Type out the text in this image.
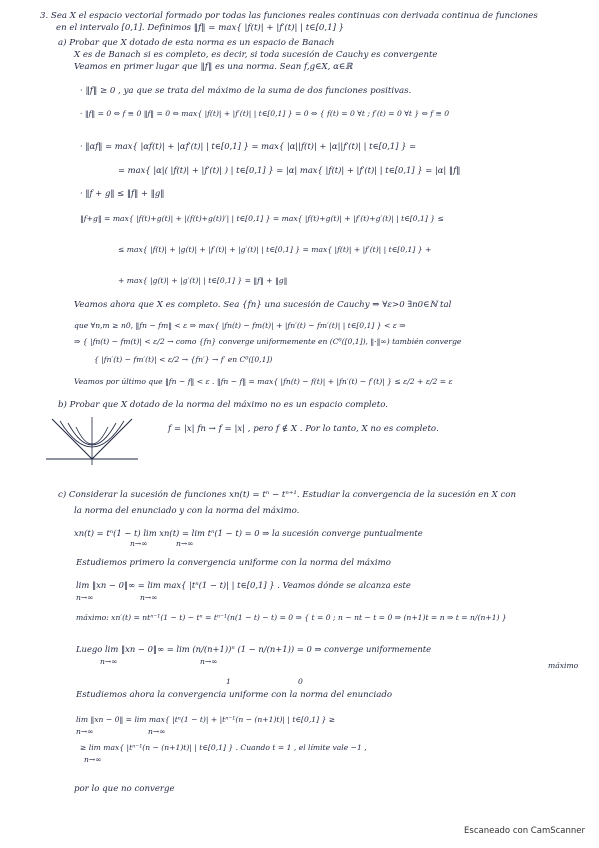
3. Sea X el espacio vectorial formado por todas las funciones reales continuas con derivada continua de funciones
en el intervalo [0,1]. Definimos ‖f‖ = max{ |f(t)| + |f′(t)| | t∈[0,1] }
a) Probar que X dotado de esta norma es un espacio de Banach
X es de Banach si es completo, es decir, si toda sucesión de Cauchy es convergente
Veamos en primer lugar que ‖f‖ es una norma. Sean f,g∈X, α∈ℝ
· ‖f‖ ≥ 0 , ya que se trata del máximo de la suma de dos funciones positivas.
· ‖f‖ = 0 ⇔ f ≡ 0 ‖f‖ = 0 ⇔ max{ |f(t)| + |f′(t)| | t∈[0,1] } = 0 ⇔ { f(t) = 0 ∀t ; f′(t) = 0 ∀t } ⇔ f ≡ 0
· ‖αf‖ = max{ |αf(t)| + |αf′(t)| | t∈[0,1] } = max{ |α||f(t)| + |α||f′(t)| | t∈[0,1] } =
= max{ |α|( |f(t)| + |f′(t)| ) | t∈[0,1] } = |α| max{ |f(t)| + |f′(t)| | t∈[0,1] } = |α| ‖f‖
· ‖f + g‖ ≤ ‖f‖ + ‖g‖
‖f+g‖ = max{ |f(t)+g(t)| + |(f(t)+g(t))′| | t∈[0,1] } = max{ |f(t)+g(t)| + |f′(t)+g′(t)| | t∈[0,1] } ≤
≤ max{ |f(t)| + |g(t)| + |f′(t)| + |g′(t)| | t∈[0,1] } = max{ |f(t)| + |f′(t)| | t∈[0,1] } +
+ max{ |g(t)| + |g′(t)| | t∈[0,1] } = ‖f‖ + ‖g‖
Veamos ahora que X es completo. Sea {fn} una sucesión de Cauchy ⇒ ∀ε>0 ∃n0∈ℕ tal
que ∀n,m ≥ n0, ‖fn − fm‖ < ε ⇒ max{ |fn(t) − fm(t)| + |fn′(t) − fm′(t)| | t∈[0,1] } < ε ⇒
⇒ { |fn(t) − fm(t)| < ε/2 → como {fn} converge uniformemente en (C⁰([0,1]), ‖·‖∞) también converge
{ |fn′(t) − fm′(t)| < ε/2 → {fn′} → f′ en C⁰([0,1])
Veamos por último que ‖fn − f‖ < ε . ‖fn − f‖ = max{ |fn(t) − f(t)| + |fn′(t) − f′(t)| } ≤ ε/2 + ε/2 = ε
b) Probar que X dotado de la norma del máximo no es un espacio completo.
f = |x| fn → f = |x| , pero f ∉ X . Por lo tanto, X no es completo.
c) Considerar la sucesión de funciones xn(t) = tⁿ − tⁿ⁺¹. Estudiar la convergencia de la sucesión en X con
la norma del enunciado y con la norma del máximo.
xn(t) = tⁿ(1 − t) lim xn(t) = lim tⁿ(1 − t) = 0 ⇒ la sucesión converge puntualmente
n→∞	n→∞
Estudiemos primero la convergencia uniforme con la norma del máximo
lim ‖xn − 0‖∞ = lim max{ |tⁿ(1 − t)| | t∈[0,1] } . Veamos dónde se alcanza este
n→∞	n→∞
máximo: xn′(t) = ntⁿ⁻¹(1 − t) − tⁿ = tⁿ⁻¹(n(1 − t) − t) = 0 ⇒ { t = 0 ; n − nt − t = 0 ⇒ (n+1)t = n ⇒ t = n/(n+1) }
Luego lim ‖xn − 0‖∞ = lim (n/(n+1))ⁿ (1 − n/(n+1)) = 0 ⇒ converge uniformemente
n→∞	n→∞
1	0
máximo
Estudiemos ahora la convergencia uniforme con la norma del enunciado
lim ‖xn − 0‖ = lim max{ |tⁿ(1 − t)| + |tⁿ⁻¹(n − (n+1)t)| | t∈[0,1] } ≥
n→∞	n→∞
≥ lim max{ |tⁿ⁻¹(n − (n+1)t)| | t∈[0,1] } . Cuando t = 1 , el límite vale −1 ,
n→∞
por lo que no converge
Escaneado con CamScanner
